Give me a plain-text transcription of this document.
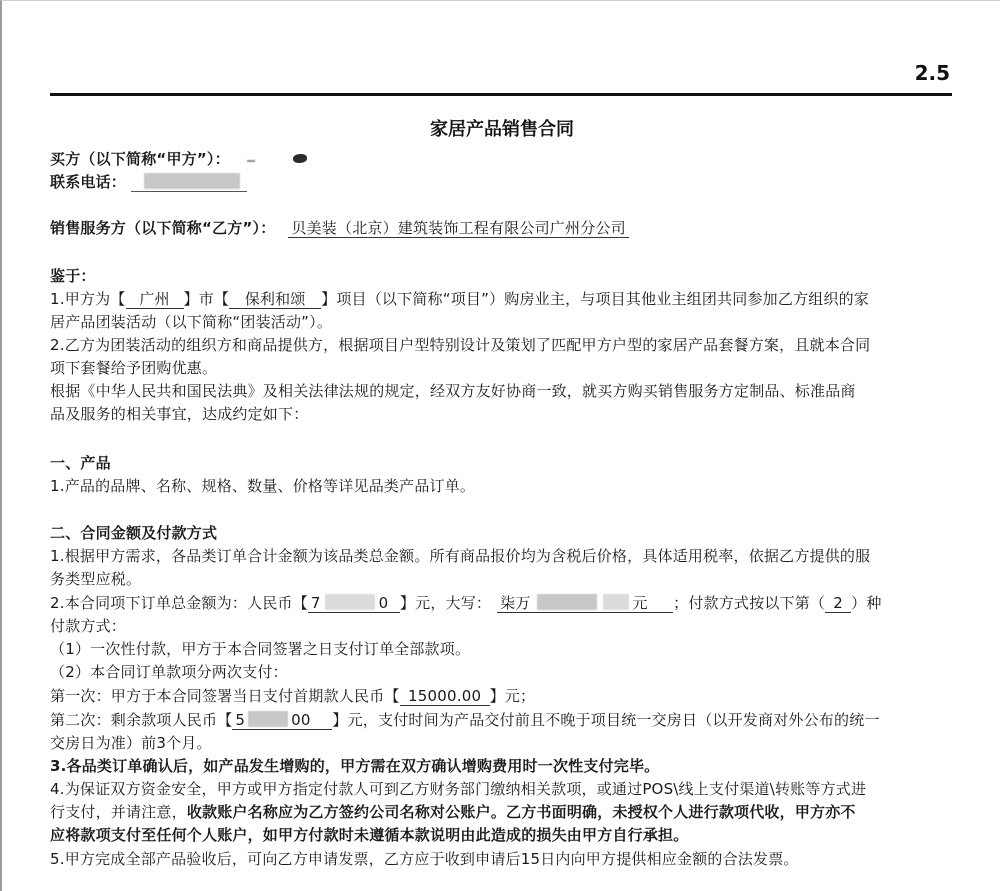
2.5
家居产品销售合同
买方（以下简称“甲方”）：
联系电话：
销售服务方（以下简称“乙方”）： 贝美装（北京）建筑装饰工程有限公司广州分公司
鉴于：
1.甲方为【 广州 】市【 保利和颂 】项目（以下简称“项目”）购房业主，与项目其他业主组团共同参加乙方组织的家
居产品团装活动（以下简称“团装活动”）。
2.乙方为团装活动的组织方和商品提供方，根据项目户型特别设计及策划了匹配甲方户型的家居产品套餐方案，且就本合同
项下套餐给予团购优惠。
根据《中华人民共和国民法典》及相关法律法规的规定，经双方友好协商一致，就买方购买销售服务方定制品、标准品商
品及服务的相关事宜，达成约定如下：
一、产品
1.产品的品牌、名称、规格、数量、价格等详见品类产品订单。
二、合同金额及付款方式
1.根据甲方需求，各品类订单合计金额为该品类总金额。所有商品报价均为含税后价格，具体适用税率，依据乙方提供的服
务类型应税。
2.本合同项下订单总金额为：人民币【 7	0 】元，大写： 柒万	元 ；付款方式按以下第（ 2 ）种
付款方式：
（1）一次性付款，甲方于本合同签署之日支付订单全部款项。
（2）本合同订单款项分两次支付：
第一次：甲方于本合同签署当日支付首期款人民币【 15000.00 】元；
第二次：剩余款项人民币【 5	00 】元，支付时间为产品交付前且不晚于项目统一交房日（以开发商对外公布的统一
交房日为准）前3个月。
3.各品类订单确认后，如产品发生增购的，甲方需在双方确认增购费用时一次性支付完毕。
4.为保证双方资金安全，甲方或甲方指定付款人可到乙方财务部门缴纳相关款项，或通过POS\线上支付渠道\转账等方式进
行支付，并请注意，收款账户名称应为乙方签约公司名称对公账户。乙方书面明确，未授权个人进行款项代收，甲方亦不
应将款项支付至任何个人账户，如甲方付款时未遵循本款说明由此造成的损失由甲方自行承担。
5.甲方完成全部产品验收后，可向乙方申请发票，乙方应于收到申请后15日内向甲方提供相应金额的合法发票。
